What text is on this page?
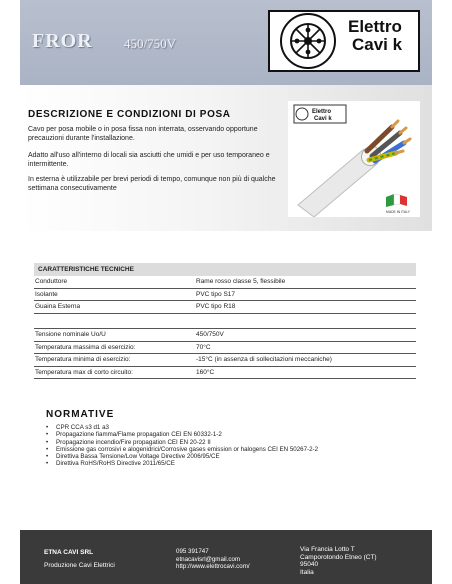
FROR 450/750V
Elettro
Cavi k
DESCRIZIONE E CONDIZIONI DI POSA

Cavo per posa mobile o in posa fissa non interrata, osservando opportune precauzioni durante l'installazione.

Adatto all'uso all'interno di locali sia asciutti che umidi e per uso temporaneo e intermittente.

In esterna è utilizzabile per brevi periodi di tempo, comunque non più di qualche settimana consecutivamente

Elettro
Cavi k
MADE IN ITALY
CARATTERISTICHE TECNICHE
Conduttore	Rame rosso classe 5, flessibile
Isolante	PVC tipo S17
Guaina Esterna	PVC tipo R18
Tensione nominale Uo/U	450/750V
Temperatura massima di esercizio:	70°C
Temperatura minima di esercizio:	-15°C (in assenza di sollecitazioni meccaniche)
Temperatura max di corto circuito:	160°C
NORMATIVE
• CPR CCA s3 d1 a3
• Propagazione fiamma/Flame propagation CEI EN 60332-1-2
• Propagazione incendio/Fire propagation CEI EN 20-22 II
• Emissione gas corrosivi e alogenidrici/Corrosive gases emission or halogens CEI EN 50267-2-2
• Direttiva Bassa Tensione/Low Voltage Directive 2006/95/CE
• Direttiva RoHS/RoHS Directive 2011/65/CE
ETNA CAVI SRL
Produzione Cavi Elettrici
095 391747
etnacavisrl@gmail.com
http://www.elettrocavi.com/
Via Francia Lotto T
Camporotondo Etneo (CT)
95040
Italia
